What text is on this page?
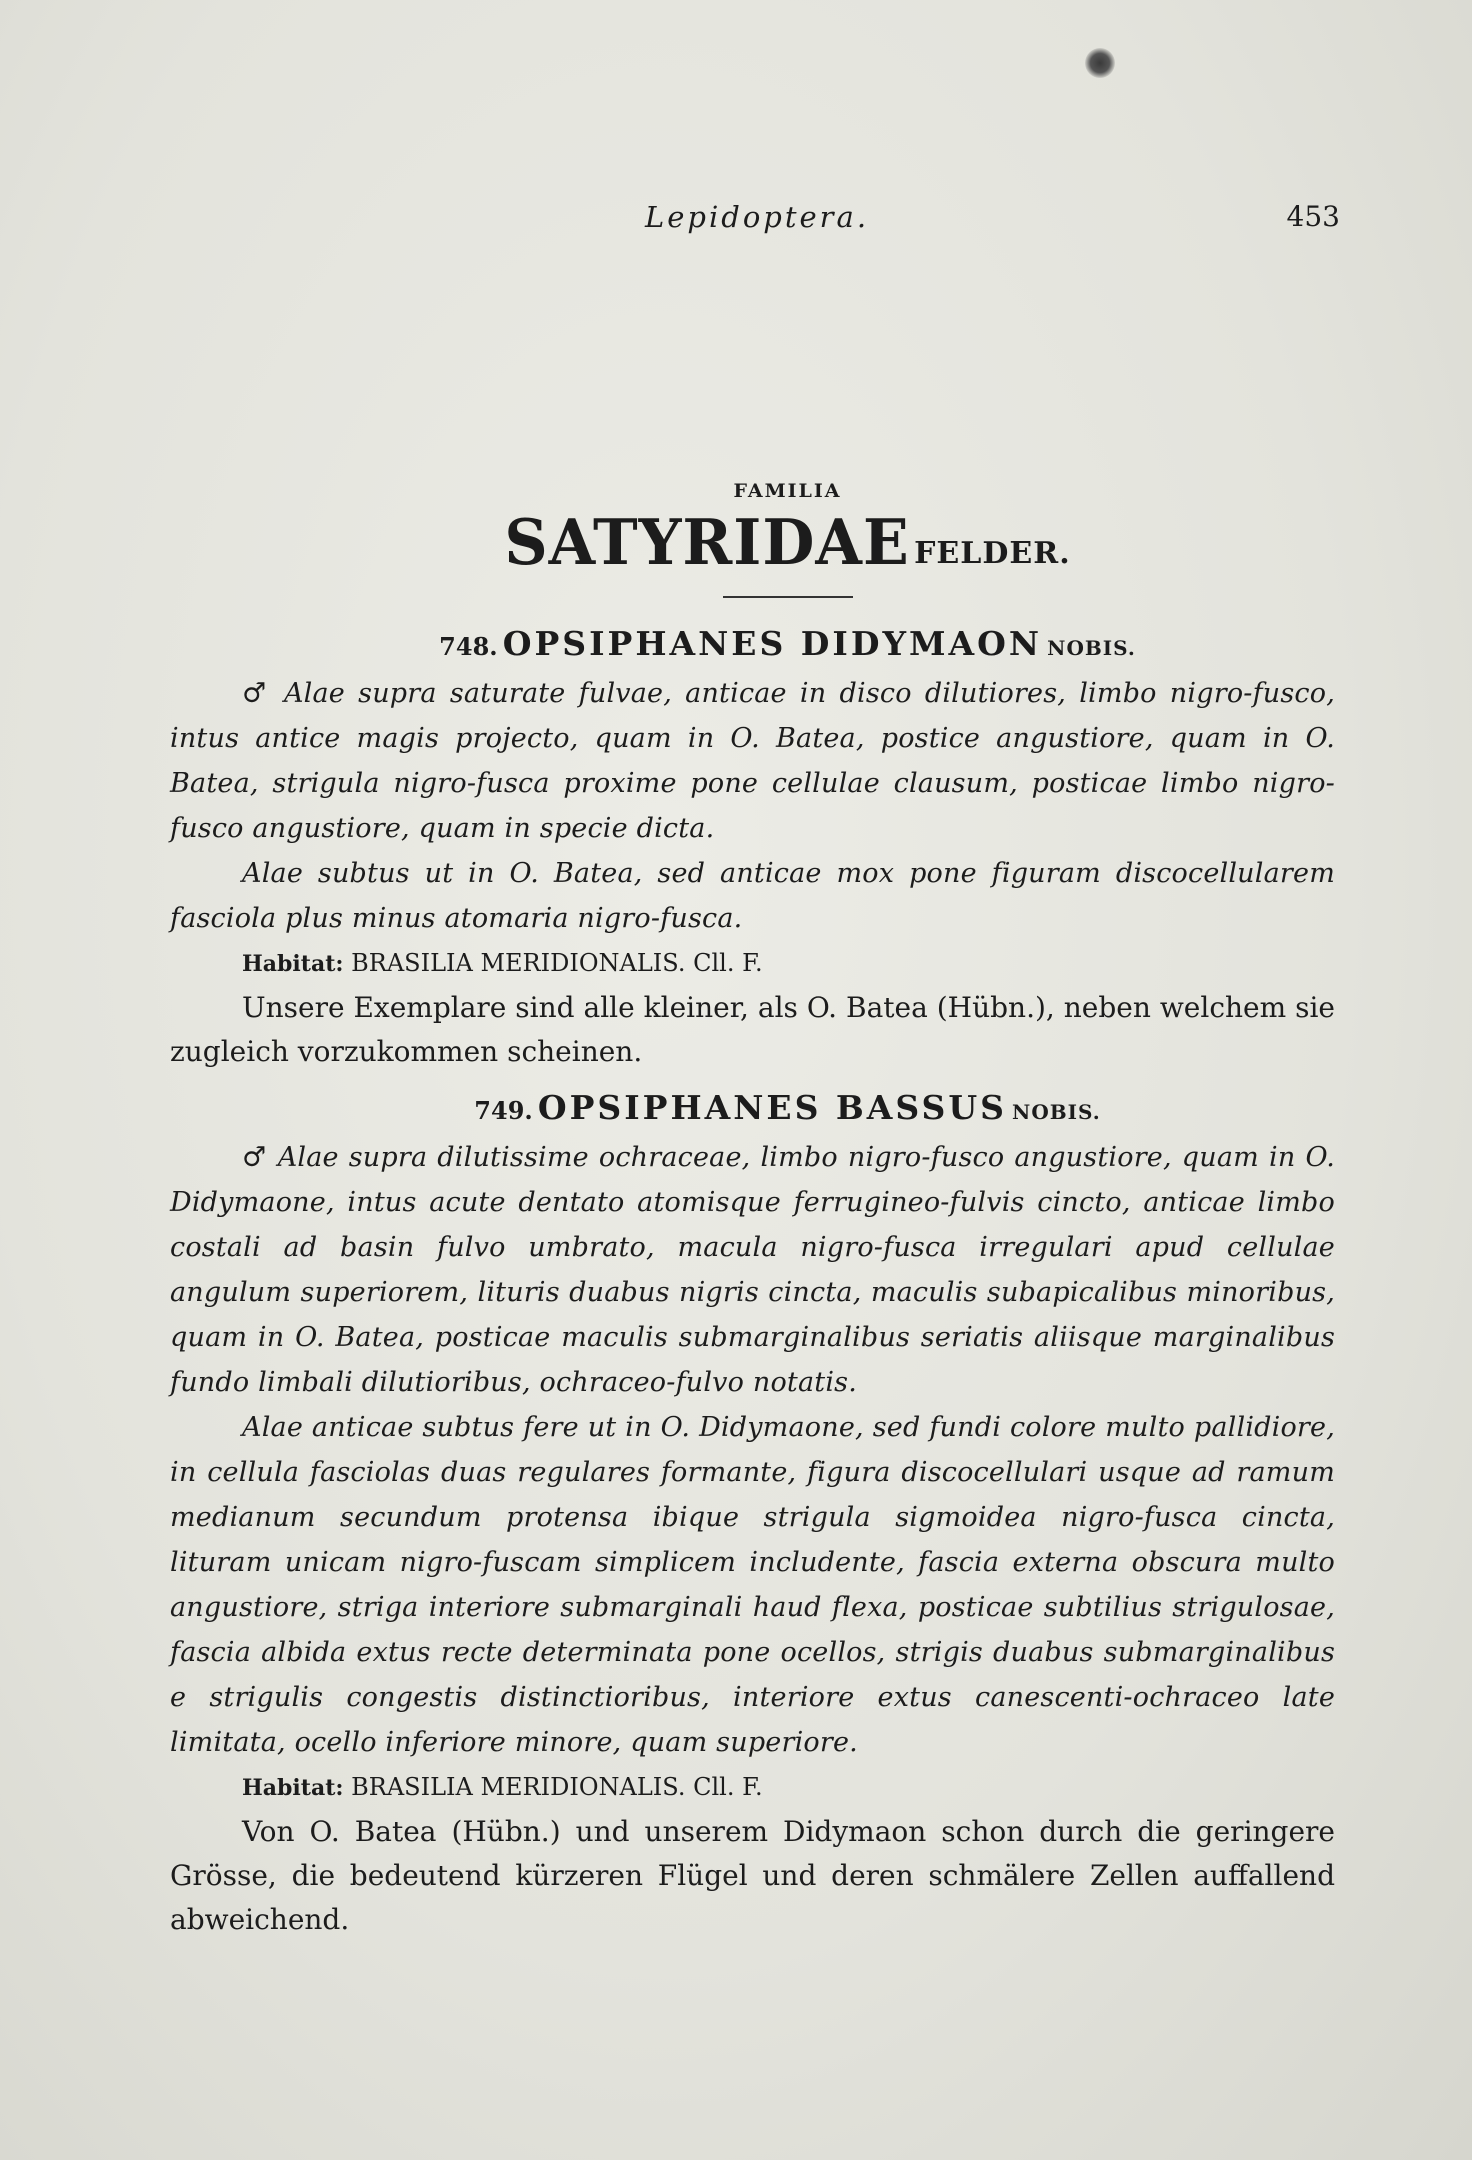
Lepidoptera.	453
FAMILIA
SATYRIDAE FELDER.
748. OPSIPHANES DIDYMAON NOBIS.

♂ Alae supra saturate fulvae, anticae in disco dilutiores, limbo nigro-fusco, intus antice magis projecto, quam in O. Batea, postice angustiore, quam in O. Batea, strigula nigro-fusca proxime pone cellulae clausum, posticae limbo nigro-fusco angustiore, quam in specie dicta.

Alae subtus ut in O. Batea, sed anticae mox pone figuram discocellularem fasciola plus minus atomaria nigro-fusca.

Habitat: BRASILIA MERIDIONALIS. Cll. F.

Unsere Exemplare sind alle kleiner, als O. Batea (Hübn.), neben welchem sie zugleich vorzukommen scheinen.

749. OPSIPHANES BASSUS NOBIS.

♂ Alae supra dilutissime ochraceae, limbo nigro-fusco angustiore, quam in O. Didymaone, intus acute dentato atomisque ferrugineo-fulvis cincto, anticae limbo costali ad basin fulvo umbrato, macula nigro-fusca irregulari apud cellulae angulum superiorem, lituris duabus nigris cincta, maculis subapicalibus minoribus, quam in O. Batea, posticae maculis submarginalibus seriatis aliisque marginalibus fundo limbali dilutioribus, ochraceo-fulvo notatis.

Alae anticae subtus fere ut in O. Didymaone, sed fundi colore multo pallidiore, in cellula fasciolas duas regulares formante, figura discocellulari usque ad ramum medianum secundum protensa ibique strigula sigmoidea nigro-fusca cincta, lituram unicam nigro-fuscam simplicem includente, fascia externa obscura multo angustiore, striga interiore submarginali haud flexa, posticae subtilius strigulosae, fascia albida extus recte determinata pone ocellos, strigis duabus submarginalibus e strigulis congestis distinctioribus, interiore extus canescenti-ochraceo late limitata, ocello inferiore minore, quam superiore.

Habitat: BRASILIA MERIDIONALIS. Cll. F.

Von O. Batea (Hübn.) und unserem Didymaon schon durch die geringere Grösse, die bedeutend kürzeren Flügel und deren schmälere Zellen auffallend abweichend.
